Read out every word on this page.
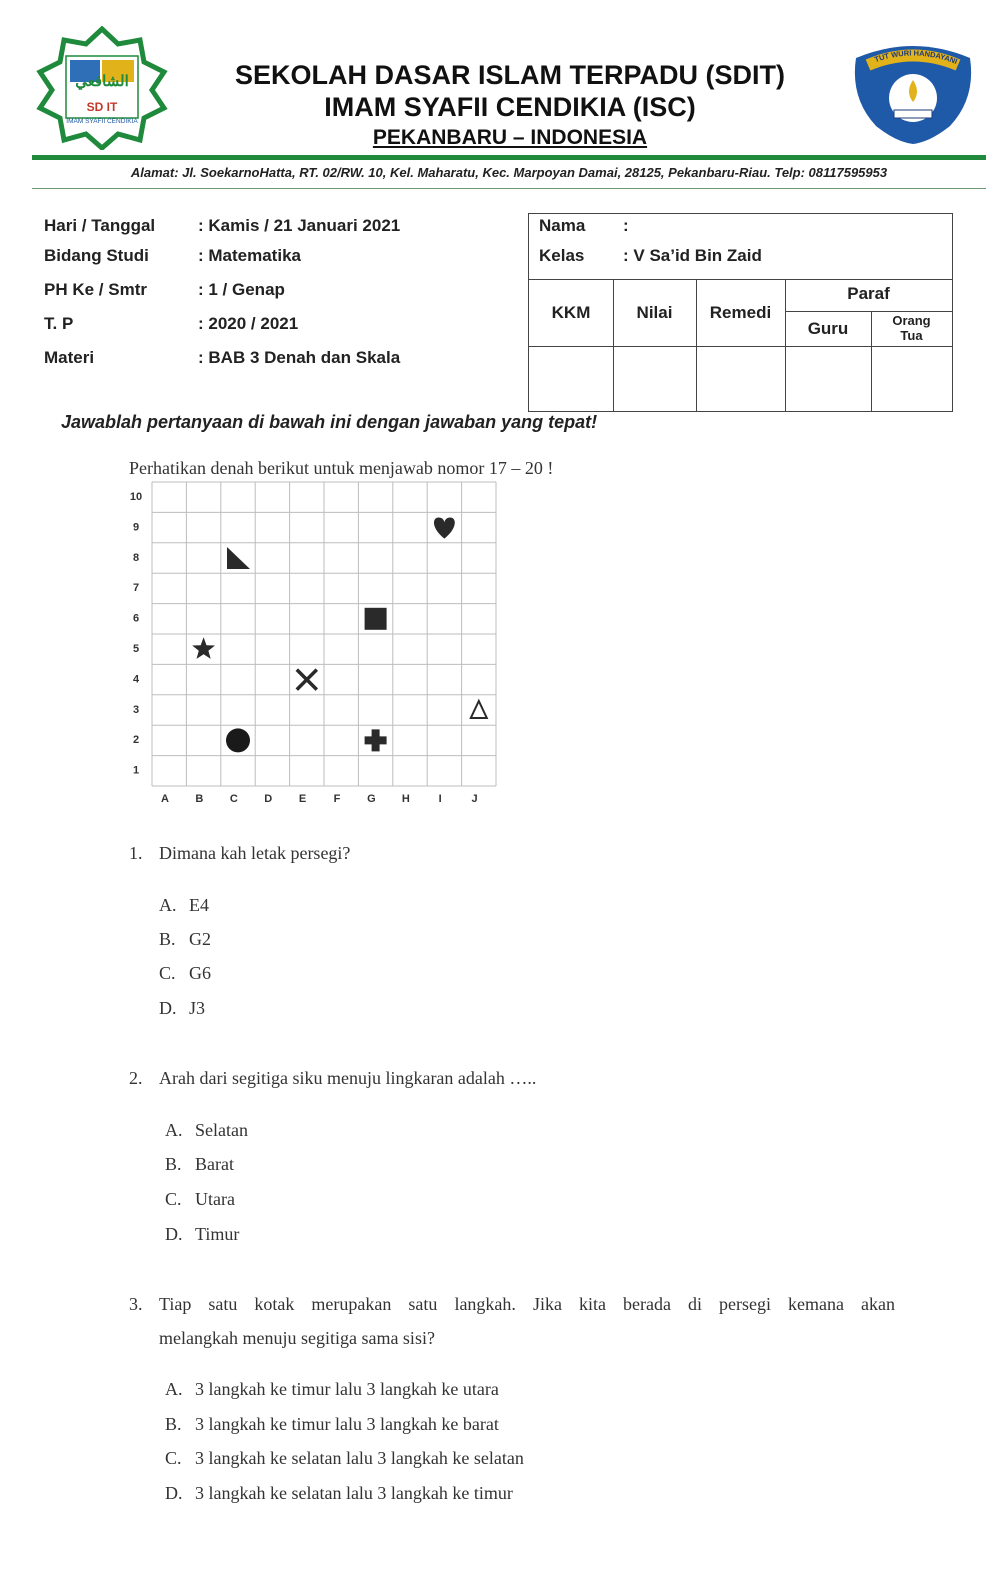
الشافعي
SD IT
IMAM SYAFII CENDIKIA
SEKOLAH DASAR ISLAM TERPADU (SDIT)
IMAM SYAFII CENDIKIA (ISC)
PEKANBARU – INDONESIA
TUT WURI HANDAYANI
Alamat: Jl. SoekarnoHatta, RT. 02/RW. 10, Kel. Maharatu, Kec. Marpoyan Damai, 28125, Pekanbaru-Riau. Telp: 08117595953
Hari / Tanggal	: Kamis / 21 Januari 2021
Bidang Studi	: Matematika
PH Ke / Smtr	: 1 / Genap
T. P	: 2020 / 2021
Materi	: BAB 3 Denah dan Skala
Nama :
Kelas : V Sa’id Bin Zaid
KKM	Nilai	Remedi
Paraf
Guru	Orang
Tua
Jawablah pertanyaan di bawah ini dengan jawaban yang tepat!
Perhatikan denah berikut untuk menjawab nomor 17 – 20 !
10
9
8
7
6
5
4
3
2
1
A B C D E F G H	I	J
1. Dimana kah letak persegi?
A. E4
B. G2
C. G6
D. J3
2. Arah dari segitiga siku menuju lingkaran adalah …..
A. Selatan
B. Barat
C. Utara
D. Timur
3. Tiap satu kotak merupakan satu langkah. Jika kita berada di persegi kemana akan
melangkah menuju segitiga sama sisi?
A. 3 langkah ke timur lalu 3 langkah ke utara
B. 3 langkah ke timur lalu 3 langkah ke barat
C. 3 langkah ke selatan lalu 3 langkah ke selatan
D. 3 langkah ke selatan lalu 3 langkah ke timur
